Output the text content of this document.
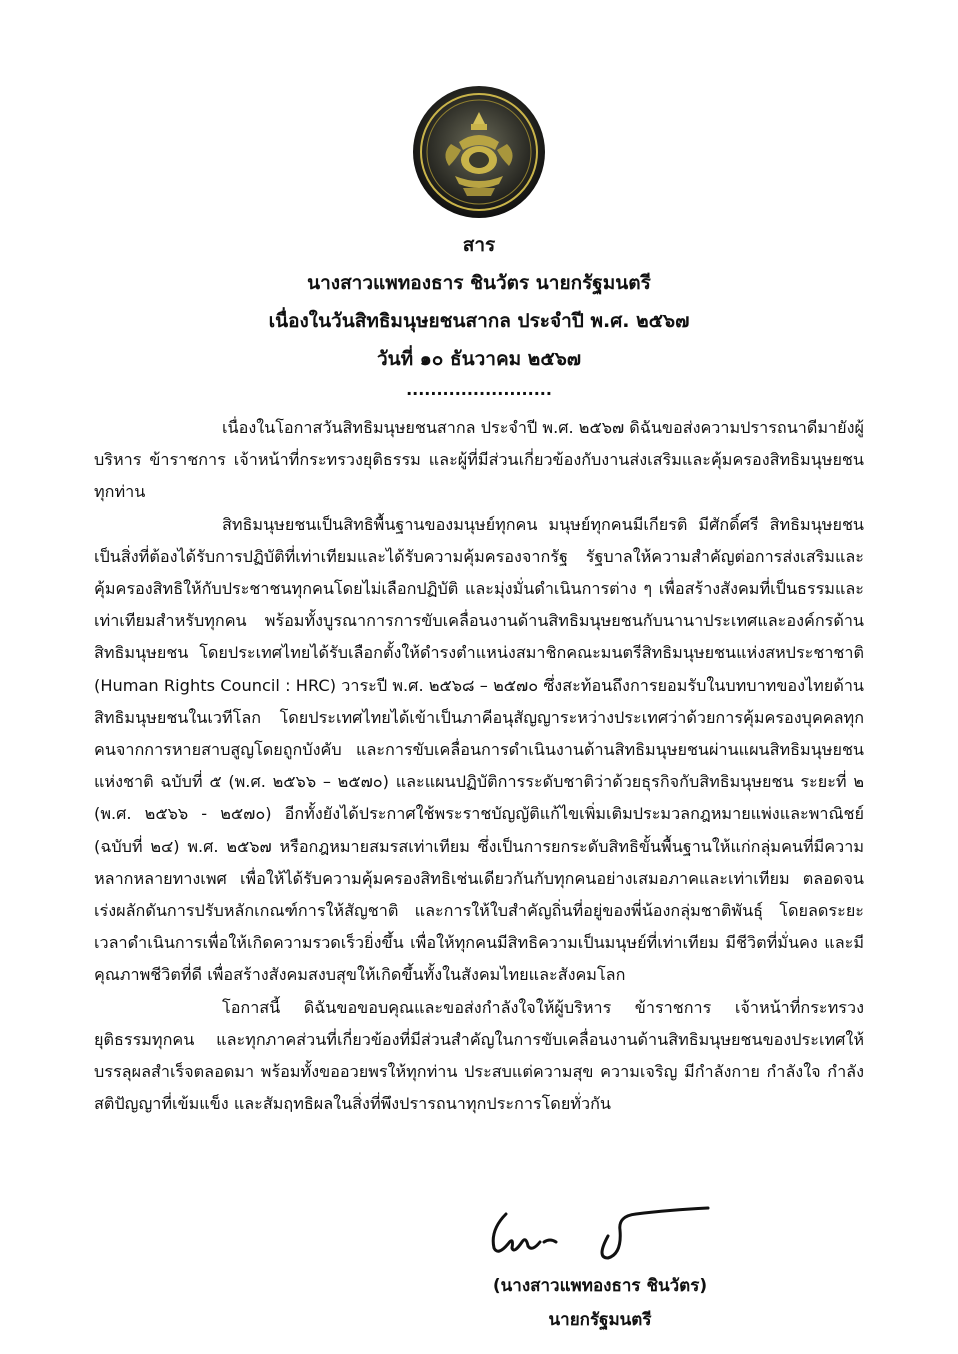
สาร
นางสาวแพทองธาร ชินวัตร นายกรัฐมนตรี
เนื่องในวันสิทธิมนุษยชนสากล ประจำปี พ.ศ. ๒๕๖๗
วันที่ ๑๐ ธันวาคม ๒๕๖๗
........................

เนื่องในโอกาสวันสิทธิมนุษยชนสากล ประจำปี พ.ศ. ๒๕๖๗ ดิฉันขอส่งความปรารถนาดีมายังผู้บริหาร ข้าราชการ เจ้าหน้าที่กระทรวงยุติธรรม และผู้ที่มีส่วนเกี่ยวข้องกับงานส่งเสริมและคุ้มครองสิทธิมนุษยชนทุกท่าน

สิทธิมนุษยชนเป็นสิทธิพื้นฐานของมนุษย์ทุกคน มนุษย์ทุกคนมีเกียรติ มีศักดิ์ศรี สิทธิมนุษยชนเป็นสิ่งที่ต้องได้รับการปฏิบัติที่เท่าเทียมและได้รับความคุ้มครองจากรัฐ รัฐบาลให้ความสำคัญต่อการส่งเสริมและคุ้มครองสิทธิให้กับประชาชนทุกคนโดยไม่เลือกปฏิบัติ และมุ่งมั่นดำเนินการต่าง ๆ เพื่อสร้างสังคมที่เป็นธรรมและเท่าเทียมสำหรับทุกคน พร้อมทั้งบูรณาการการขับเคลื่อนงานด้านสิทธิมนุษยชนกับนานาประเทศและองค์กรด้านสิทธิมนุษยชน โดยประเทศไทยได้รับเลือกตั้งให้ดำรงตำแหน่งสมาชิกคณะมนตรีสิทธิมนุษยชนแห่งสหประชาชาติ (Human Rights Council : HRC) วาระปี พ.ศ. ๒๕๖๘ – ๒๕๗๐ ซึ่งสะท้อนถึงการยอมรับในบทบาทของไทยด้านสิทธิมนุษยชนในเวทีโลก โดยประเทศไทยได้เข้าเป็นภาคีอนุสัญญาระหว่างประเทศว่าด้วยการคุ้มครองบุคคลทุกคนจากการหายสาบสูญโดยถูกบังคับ และการขับเคลื่อนการดำเนินงานด้านสิทธิมนุษยชนผ่านแผนสิทธิมนุษยชนแห่งชาติ ฉบับที่ ๕ (พ.ศ. ๒๕๖๖ – ๒๕๗๐) และแผนปฏิบัติการระดับชาติว่าด้วยธุรกิจกับสิทธิมนุษยชน ระยะที่ ๒ (พ.ศ. ๒๕๖๖ - ๒๕๗๐) อีกทั้งยังได้ประกาศใช้พระราชบัญญัติแก้ไขเพิ่มเติมประมวลกฎหมายแพ่งและพาณิชย์ (ฉบับที่ ๒๔) พ.ศ. ๒๕๖๗ หรือกฎหมายสมรสเท่าเทียม ซึ่งเป็นการยกระดับสิทธิขั้นพื้นฐานให้แก่กลุ่มคนที่มีความหลากหลายทางเพศ เพื่อให้ได้รับความคุ้มครองสิทธิเช่นเดียวกันกับทุกคนอย่างเสมอภาคและเท่าเทียม ตลอดจนเร่งผลักดันการปรับหลักเกณฑ์การให้สัญชาติ และการให้ใบสำคัญถิ่นที่อยู่ของพี่น้องกลุ่มชาติพันธุ์ โดยลดระยะเวลาดำเนินการเพื่อให้เกิดความรวดเร็วยิ่งขึ้น เพื่อให้ทุกคนมีสิทธิความเป็นมนุษย์ที่เท่าเทียม มีชีวิตที่มั่นคง และมีคุณภาพชีวิตที่ดี เพื่อสร้างสังคมสงบสุขให้เกิดขึ้นทั้งในสังคมไทยและสังคมโลก

โอกาสนี้ ดิฉันขอขอบคุณและขอส่งกำลังใจให้ผู้บริหาร ข้าราชการ เจ้าหน้าที่กระทรวงยุติธรรมทุกคน และทุกภาคส่วนที่เกี่ยวข้องที่มีส่วนสำคัญในการขับเคลื่อนงานด้านสิทธิมนุษยชนของประเทศให้บรรลุผลสำเร็จตลอดมา พร้อมทั้งขออวยพรให้ทุกท่าน ประสบแต่ความสุข ความเจริญ มีกำลังกาย กำลังใจ กำลังสติปัญญาที่เข้มแข็ง และสัมฤทธิผลในสิ่งที่พึงปรารถนาทุกประการโดยทั่วกัน

(นางสาวแพทองธาร ชินวัตร)
นายกรัฐมนตรี
